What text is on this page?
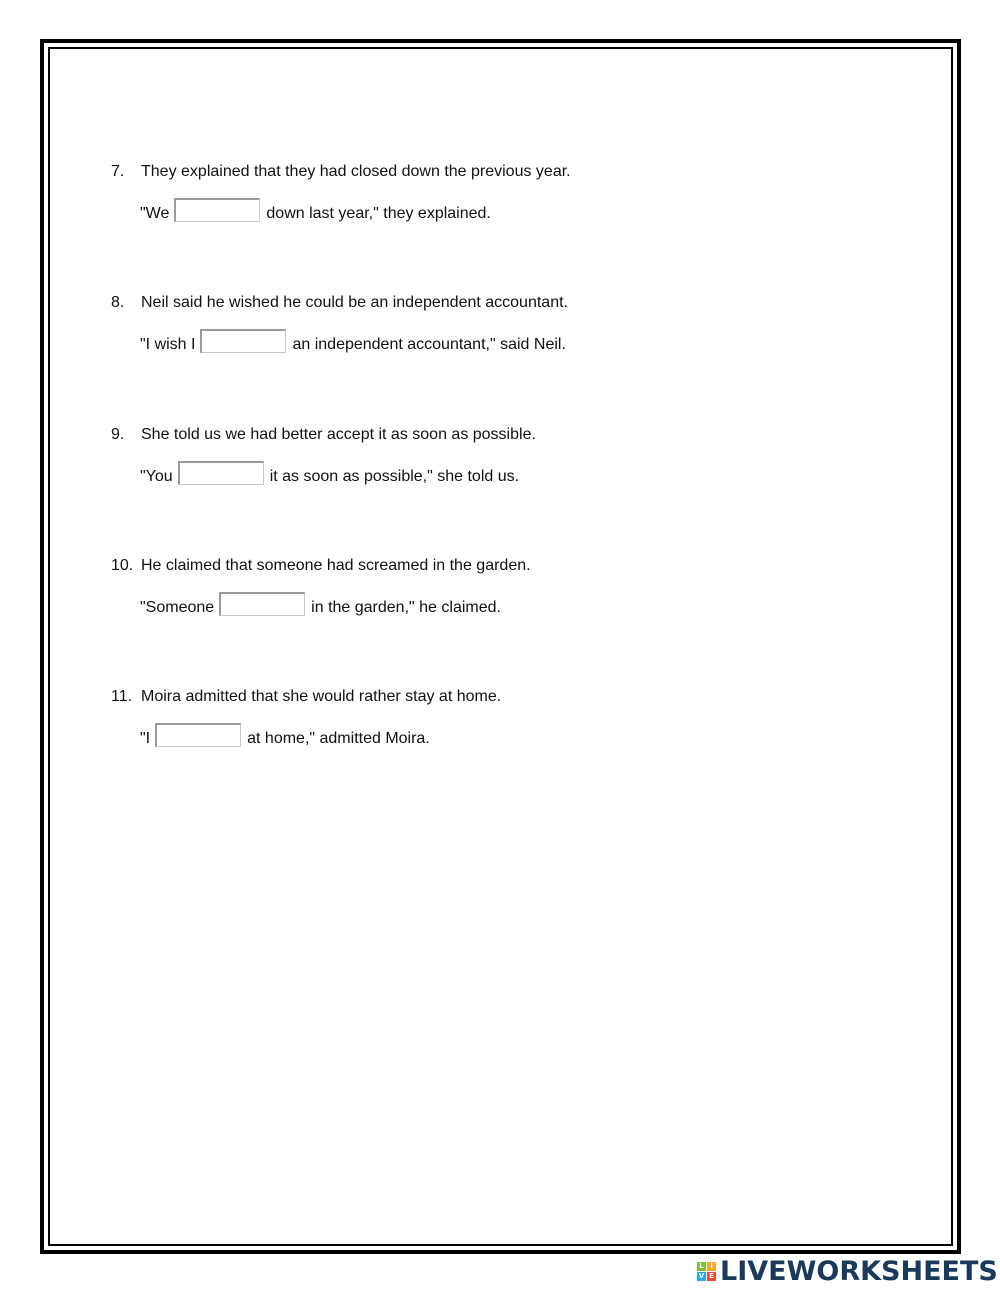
7. They explained that they had closed down the previous year.
"We	down last year," they explained.
8. Neil said he wished he could be an independent accountant.
"I wish I	an independent accountant," said Neil.
9. She told us we had better accept it as soon as possible.
"You	it as soon as possible," she told us.
10. He claimed that someone had screamed in the garden.
"Someone	in the garden," he claimed.
11. Moira admitted that she would rather stay at home.
"I	at home," admitted Moira.
L I
V E LIVEWORKSHEETS
